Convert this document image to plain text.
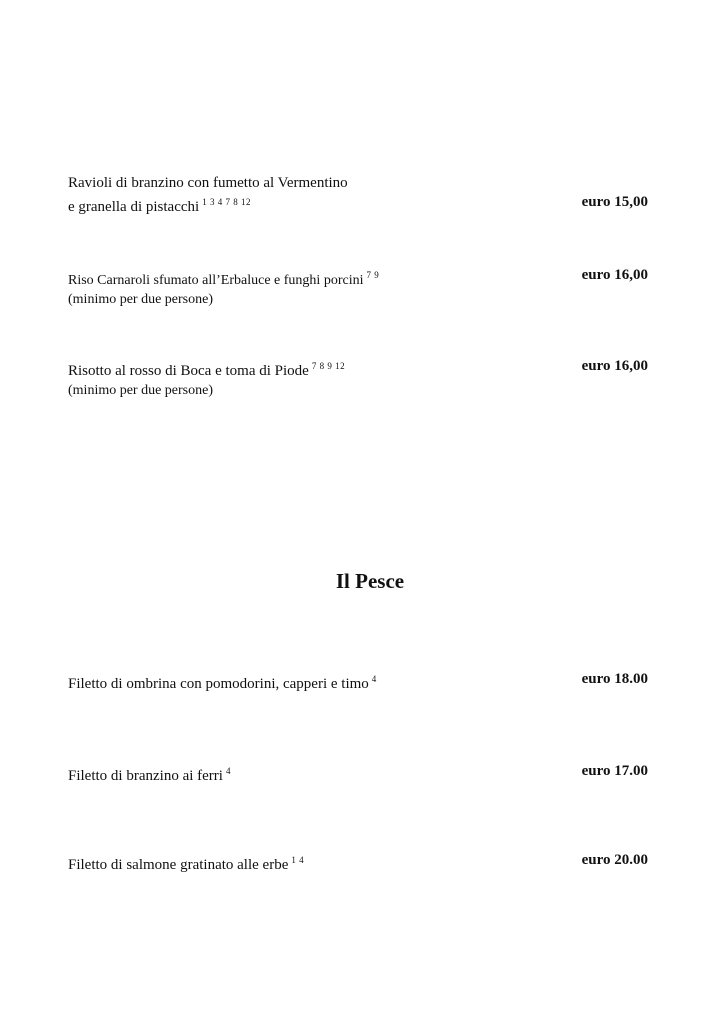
Ravioli di branzino con fumetto al Vermentino
e granella di pistacchi $^{1 3 4 7 8 12}$	euro 15,00
Riso Carnaroli sfumato all’Erbaluce e funghi porcini $^{7 9}$
(minimo per due persone)
euro 16,00
Risotto al rosso di Boca e toma di Piode $^{7 8 9 12}$
(minimo per due persone)
euro 16,00
Il Pesce
Filetto di ombrina con pomodorini, capperi e timo $^4$	euro 18.00
Filetto di branzino ai ferri $^4$	euro 17.00
Filetto di salmone gratinato alle erbe $^{1 4}$	euro 20.00
